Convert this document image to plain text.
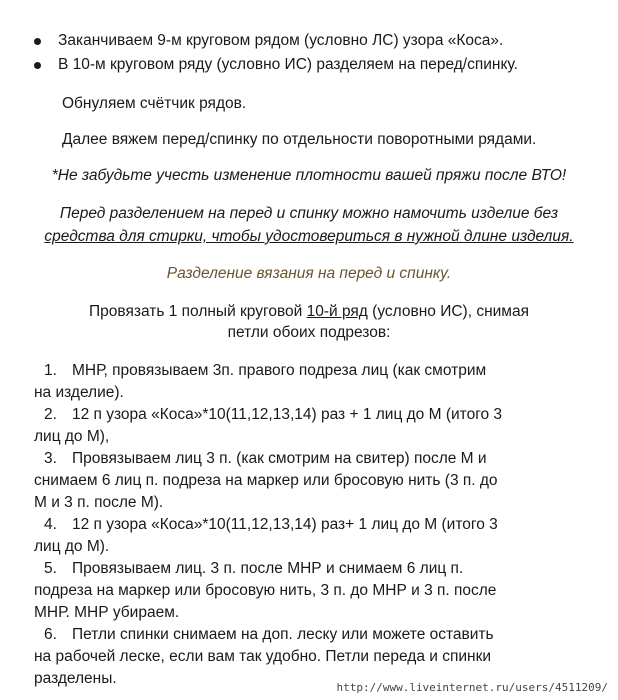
Заканчиваем 9-м круговом рядом (условно ЛС) узора «Коса».
В 10-м круговом ряду (условно ИС) разделяем на перед/спинку.
Обнуляем счётчик рядов.
Далее вяжем перед/спинку по отдельности поворотными рядами.
*Не забудьте учесть изменение плотности вашей пряжи после ВТО!
Перед разделением на перед и спинку можно намочить изделие без
средства для стирки, чтобы удостовериться в нужной длине изделия.
Разделение вязания на перед и спинку.
Провязать 1 полный круговой 10-й ряд (условно ИС), снимая
петли обоих подрезов:
1. МНР, провязываем 3п. правого подреза лиц (как смотрим
на изделие).
2. 12 п узора «Коса»*10(11,12,13,14) раз + 1 лиц до М (итого 3
лиц до М),
3. Провязываем лиц 3 п. (как смотрим на свитер) после М и
снимаем 6 лиц п. подреза на маркер или бросовую нить (3 п. до
М и 3 п. после М).
4. 12 п узора «Коса»*10(11,12,13,14) раз+ 1 лиц до М (итого 3
лиц до М).
5. Провязываем лиц. 3 п. после МНР и снимаем 6 лиц п.
подреза на маркер или бросовую нить, 3 п. до МНР и 3 п. после
МНР. МНР убираем.
6. Петли спинки снимаем на доп. леску или можете оставить
на рабочей леске, если вам так удобно. Петли переда и спинки
разделены.
http://www.liveinternet.ru/users/4511209/
